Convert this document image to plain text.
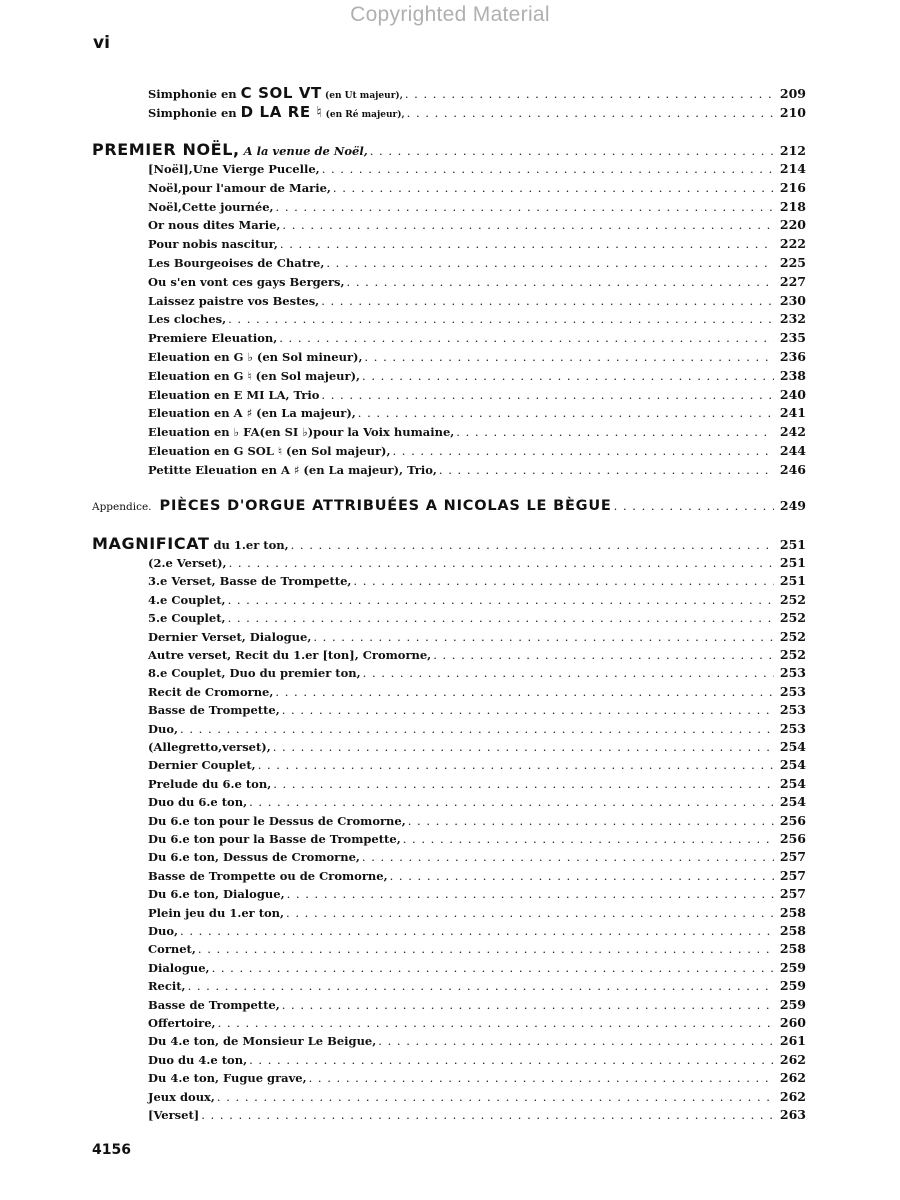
Copyrighted Material
vi
Simphonie en C SOL VT (en Ut majeur), . . .	209
Simphonie en D LA RE ♮ (en Ré majeur), . . .	210
PREMIER NOËL, A la venue de Noël, . . .	212
[Noël],Une Vierge Pucelle, . . .	214
Noël,pour l'amour de Marie, . . .	216
Noël,Cette journée, . . .	218
Or nous dites Marie, . . .	220
Pour nobis nascitur, . . .	222
Les Bourgeoises de Chatre, . . .	225
Ou s'en vont ces gays Bergers, . . .	227
Laissez paistre vos Bestes, . . .	230
Les cloches, . . .	232
Premiere Eleuation, . . .	235
Eleuation en G ♭ (en Sol mineur), . . .	236
Eleuation en G ♮ (en Sol majeur), . . .	238
Eleuation en E MI LA, Trio . . .	240
Eleuation en A ♯ (en La majeur), . . .	241
Eleuation en ♭ FA(en SI ♭)pour la Voix humaine, . . .	242
Eleuation en G SOL ♮ (en Sol majeur), . . .	244
Petitte Eleuation en A ♯ (en La majeur), Trio, . . .	246
Appendice. PIÈCES D'ORGUE ATTRIBUÉES A NICOLAS LE BÈGUE . . .	249
MAGNIFICAT du 1.er ton, . . .	251
(2.e Verset), . . .	251
3.e Verset, Basse de Trompette, . . .	251
4.e Couplet, . . .	252
5.e Couplet, . . .	252
Dernier Verset, Dialogue, . . .	252
Autre verset, Recit du 1.er [ton], Cromorne, . . .	252
8.e Couplet, Duo du premier ton, . . .	253
Recit de Cromorne, . . .	253
Basse de Trompette, . . .	253
Duo, . . .	253
(Allegretto,verset), . . .	254
Dernier Couplet, . . .	254
Prelude du 6.e ton, . . .	254
Duo du 6.e ton, . . .	254
Du 6.e ton pour le Dessus de Cromorne, . . .	256
Du 6.e ton pour la Basse de Trompette, . . .	256
Du 6.e ton, Dessus de Cromorne, . . .	257
Basse de Trompette ou de Cromorne, . . .	257
Du 6.e ton, Dialogue, . . .	257
Plein jeu du 1.er ton, . . .	258
Duo, . . .	258
Cornet, . . .	258
Dialogue, . . .	259
Recit, . . .	259
Basse de Trompette, . . .	259
Offertoire, . . .	260
Du 4.e ton, de Monsieur Le Beigue, . . .	261
Duo du 4.e ton, . . .	262
Du 4.e ton, Fugue grave, . . .	262
Jeux doux, . . .	262
[Verset] . . .	263
4156
